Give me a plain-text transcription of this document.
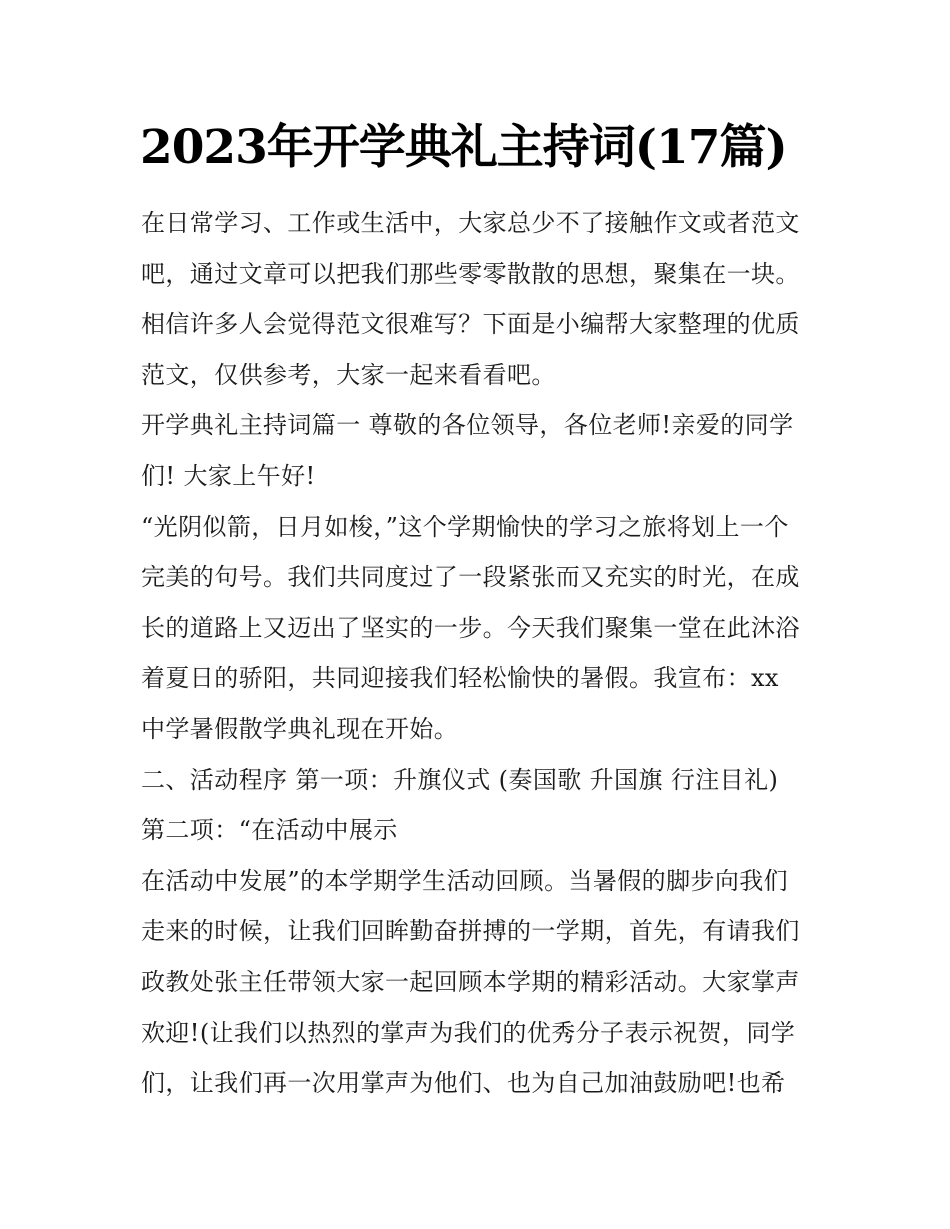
2023年开学典礼主持词(17篇)
在日常学习、工作或生活中，大家总少不了接触作文或者范文
吧，通过文章可以把我们那些零零散散的思想，聚集在一块。
相信许多人会觉得范文很难写？下面是小编帮大家整理的优质
范文，仅供参考，大家一起来看看吧。
开学典礼主持词篇一 尊敬的各位领导，各位老师!亲爱的同学
们! 大家上午好!
“光阴似箭，日月如梭，”这个学期愉快的学习之旅将划上一个
完美的句号。我们共同度过了一段紧张而又充实的时光，在成
长的道路上又迈出了坚实的一步。今天我们聚集一堂在此沐浴
着夏日的骄阳，共同迎接我们轻松愉快的暑假。我宣布：xx
中学暑假散学典礼现在开始。
二、活动程序 第一项：升旗仪式 (奏国歌 升国旗 行注目礼)
第二项：“在活动中展示
在活动中发展”的本学期学生活动回顾。当暑假的脚步向我们
走来的时候，让我们回眸勤奋拼搏的一学期，首先，有请我们
政教处张主任带领大家一起回顾本学期的精彩活动。大家掌声
欢迎!(让我们以热烈的掌声为我们的优秀分子表示祝贺，同学
们，让我们再一次用掌声为他们、也为自己加油鼓励吧!也希
